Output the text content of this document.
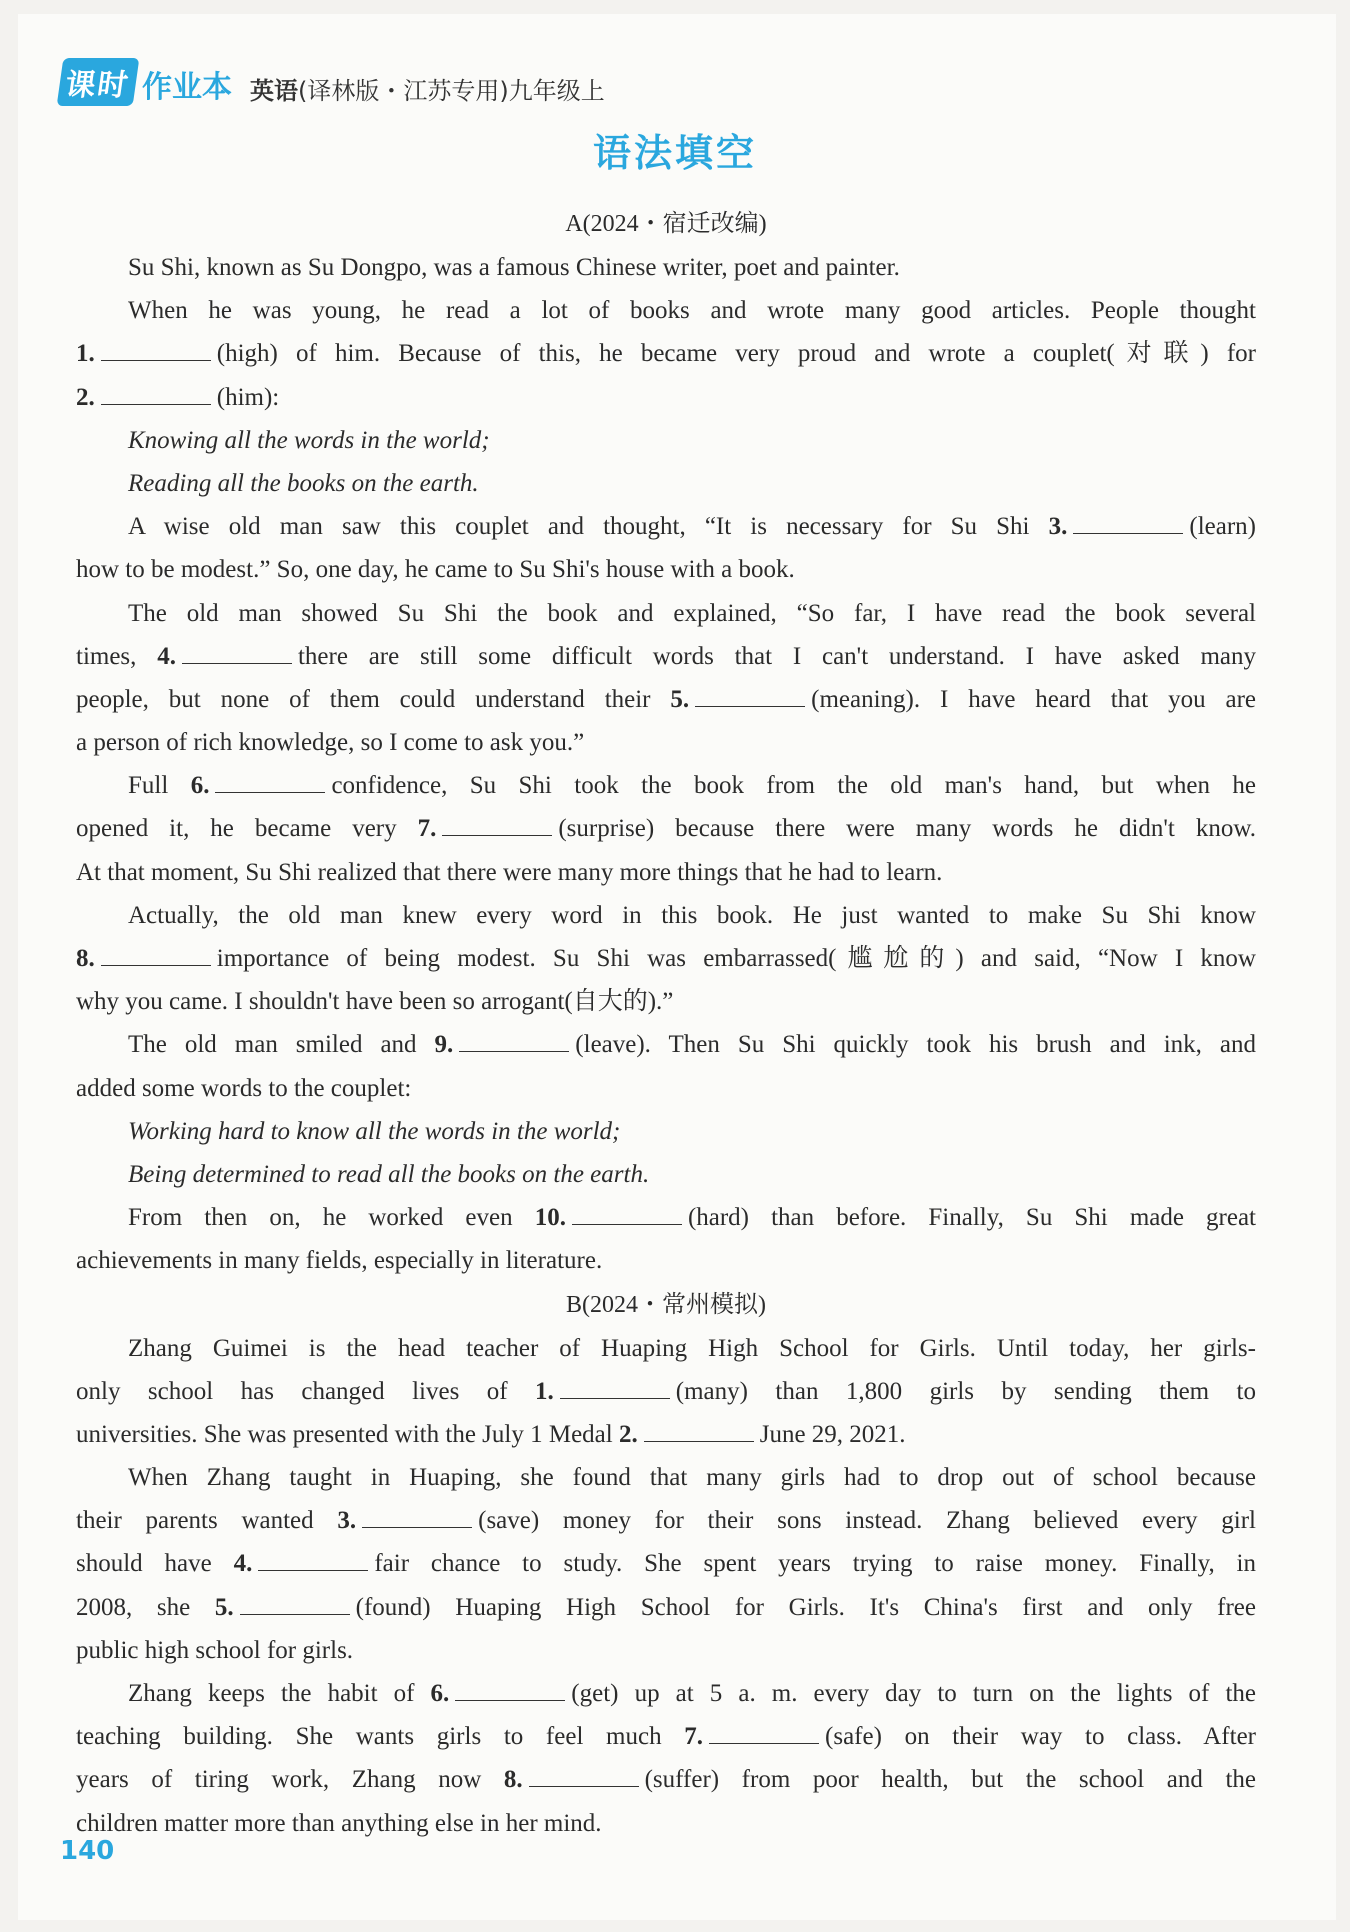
课时 作业本 英语(译林版・江苏专用)九年级上
语法填空
A(2024・宿迁改编)
Su Shi, known as Su Dongpo, was a famous Chinese writer, poet and painter.
When he was young, he read a lot of books and wrote many good articles. People thought
1.	(high) of him. Because of this, he became very proud and wrote a couplet(对联) for
2.	(him):
Knowing all the words in the world;
Reading all the books on the earth.
A wise old man saw this couplet and thought, “It is necessary for Su Shi 3.	(learn)
how to be modest.” So, one day, he came to Su Shi's house with a book.
The old man showed Su Shi the book and explained, “So far, I have read the book several
times, 4.	there are still some difficult words that I can't understand. I have asked many
people, but none of them could understand their 5.	(meaning). I have heard that you are
a person of rich knowledge, so I come to ask you.”
Full 6.	confidence, Su Shi took the book from the old man's hand, but when he
opened it, he became very 7.	(surprise) because there were many words he didn't know.
At that moment, Su Shi realized that there were many more things that he had to learn.
Actually, the old man knew every word in this book. He just wanted to make Su Shi know
8.	importance of being modest. Su Shi was embarrassed(尴尬的) and said, “Now I know
why you came. I shouldn't have been so arrogant(自大的).”
The old man smiled and 9.	(leave). Then Su Shi quickly took his brush and ink, and
added some words to the couplet:
Working hard to know all the words in the world;
Being determined to read all the books on the earth.
From then on, he worked even 10.	(hard) than before. Finally, Su Shi made great
achievements in many fields, especially in literature.
B(2024・常州模拟)
Zhang Guimei is the head teacher of Huaping High School for Girls. Until today, her girls-
only school has changed lives of 1.	(many) than 1,800 girls by sending them to
universities. She was presented with the July 1 Medal 2.	June 29, 2021.
When Zhang taught in Huaping, she found that many girls had to drop out of school because
their parents wanted 3.	(save) money for their sons instead. Zhang believed every girl
should have 4.	fair chance to study. She spent years trying to raise money. Finally, in
2008, she 5.	(found) Huaping High School for Girls. It's China's first and only free
public high school for girls.
Zhang keeps the habit of 6.	(get) up at 5 a. m. every day to turn on the lights of the
teaching building. She wants girls to feel much 7.	(safe) on their way to class. After
years of tiring work, Zhang now 8.	(suffer) from poor health, but the school and the
children matter more than anything else in her mind.
140
